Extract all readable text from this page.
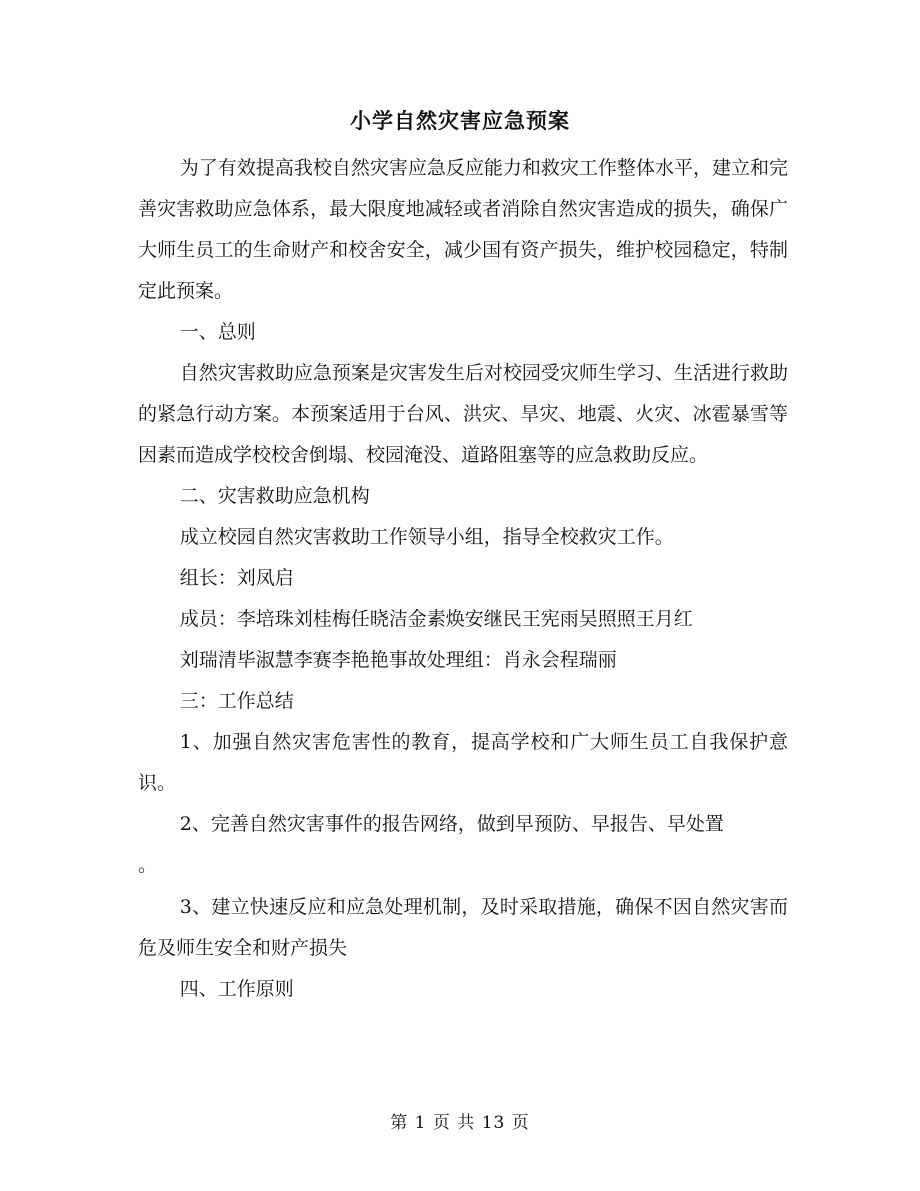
小学自然灾害应急预案

为了有效提高我校自然灾害应急反应能力和救灾工作整体水平，建立和完善灾害救助应急体系，最大限度地减轻或者消除自然灾害造成的损失，确保广大师生员工的生命财产和校舍安全，减少国有资产损失，维护校园稳定，特制定此预案。

一、总则

自然灾害救助应急预案是灾害发生后对校园受灾师生学习、生活进行救助的紧急行动方案。本预案适用于台风、洪灾、旱灾、地震、火灾、冰雹暴雪等因素而造成学校校舍倒塌、校园淹没、道路阻塞等的应急救助反应。

二、灾害救助应急机构

成立校园自然灾害救助工作领导小组，指导全校救灾工作。

组长：刘凤启

成员：李培珠刘桂梅任晓洁金素焕安继民王宪雨吴照照王月红

刘瑞清毕淑慧李赛李艳艳事故处理组：肖永会程瑞丽

三：工作总结

1、加强自然灾害危害性的教育，提高学校和广大师生员工自我保护意识。

2、完善自然灾害事件的报告网络，做到早预防、早报告、早处置

。

3、建立快速反应和应急处理机制，及时采取措施，确保不因自然灾害而危及师生安全和财产损失

四、工作原则

第 1 页 共 13 页
